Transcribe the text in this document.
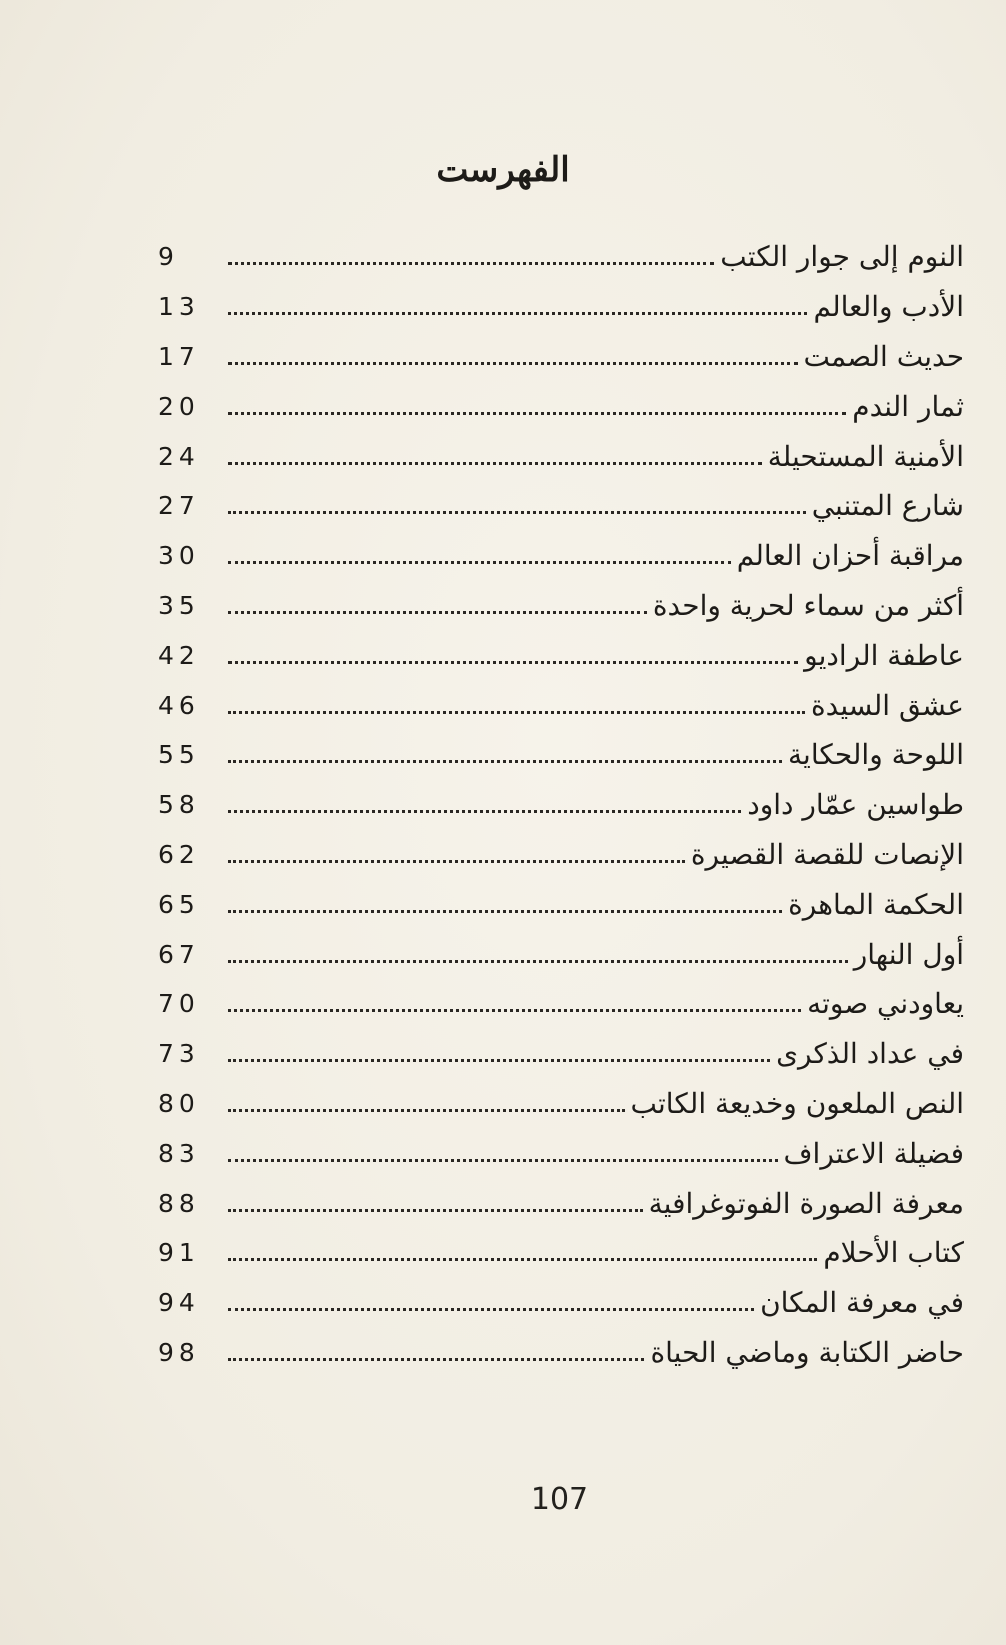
الفهرست
9	النوم إلى جوار الكتب
13	الأدب والعالم
17	حديث الصمت
20	ثمار الندم
24	الأمنية المستحيلة
27	شارع المتنبي
30	مراقبة أحزان العالم
35	أكثر من سماء لحرية واحدة
42	عاطفة الراديو
46	عشق السيدة
55	اللوحة والحكاية
58	طواسين عمّار داود
62	الإنصات للقصة القصيرة
65	الحكمة الماهرة
67	أول النهار
70	يعاودني صوته
73	في عداد الذكرى
80	النص الملعون وخديعة الكاتب
83	فضيلة الاعتراف
88	معرفة الصورة الفوتوغرافية
91	كتاب الأحلام
94	في معرفة المكان
98	حاضر الكتابة وماضي الحياة
107
